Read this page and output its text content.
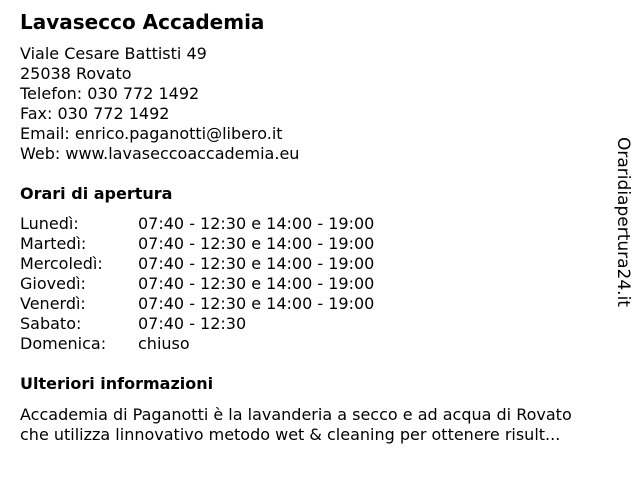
Lavasecco Accademia
Viale Cesare Battisti 49
25038 Rovato
Telefon: 030 772 1492
Fax: 030 772 1492
Email: enrico.paganotti@libero.it
Web: www.lavaseccoaccademia.eu
Orari di apertura
Lunedì:	07:40 - 12:30 e 14:00 - 19:00
Martedì:	07:40 - 12:30 e 14:00 - 19:00
Mercoledì: 07:40 - 12:30 e 14:00 - 19:00
Giovedì:	07:40 - 12:30 e 14:00 - 19:00
Venerdì:	07:40 - 12:30 e 14:00 - 19:00
Sabato:	07:40 - 12:30
Domenica: chiuso
Ulteriori informazioni
Accademia di Paganotti è la lavanderia a secco e ad acqua di Rovato
che utilizza linnovativo metodo wet & cleaning per ottenere risult...
Oraridiapertura24.it
